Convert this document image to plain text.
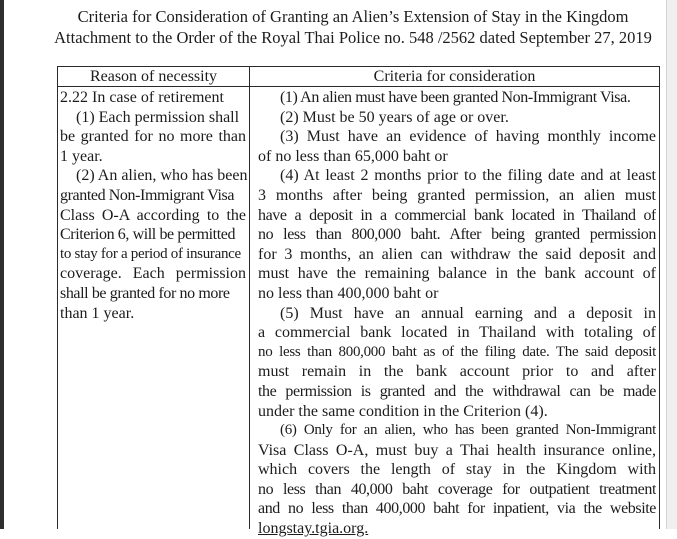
Criteria for Consideration of Granting an Alien’s Extension of Stay in the Kingdom
Attachment to the Order of the Royal Thai Police no. 548 /2562 dated September 27, 2019
Reason of necessity	Criteria for consideration
2.22 In case of retirement
(1) Each permission shall
be granted for no more than
1 year.
(2) An alien, who has been
granted Non-Immigrant Visa
Class O-A according to the
Criterion 6, will be permitted
to stay for a period of insurance
coverage. Each permission
shall be granted for no more
than 1 year.
(1) An alien must have been granted Non-Immigrant Visa.
(2) Must be 50 years of age or over.
(3) Must have an evidence of having monthly income
of no less than 65,000 baht or
(4) At least 2 months prior to the filing date and at least
3 months after being granted permission, an alien must
have a deposit in a commercial bank located in Thailand of
no less than 800,000 baht. After being granted permission
for 3 months, an alien can withdraw the said deposit and
must have the remaining balance in the bank account of
no less than 400,000 baht or
(5) Must have an annual earning and a deposit in
a commercial bank located in Thailand with totaling of
no less than 800,000 baht as of the filing date. The said deposit
must remain in the bank account prior to and after
the permission is granted and the withdrawal can be made
under the same condition in the Criterion (4).
(6) Only for an alien, who has been granted Non-Immigrant
Visa Class O-A, must buy a Thai health insurance online,
which covers the length of stay in the Kingdom with
no less than 40,000 baht coverage for outpatient treatment
and no less than 400,000 baht for inpatient, via the website
longstay.tgia.org.
